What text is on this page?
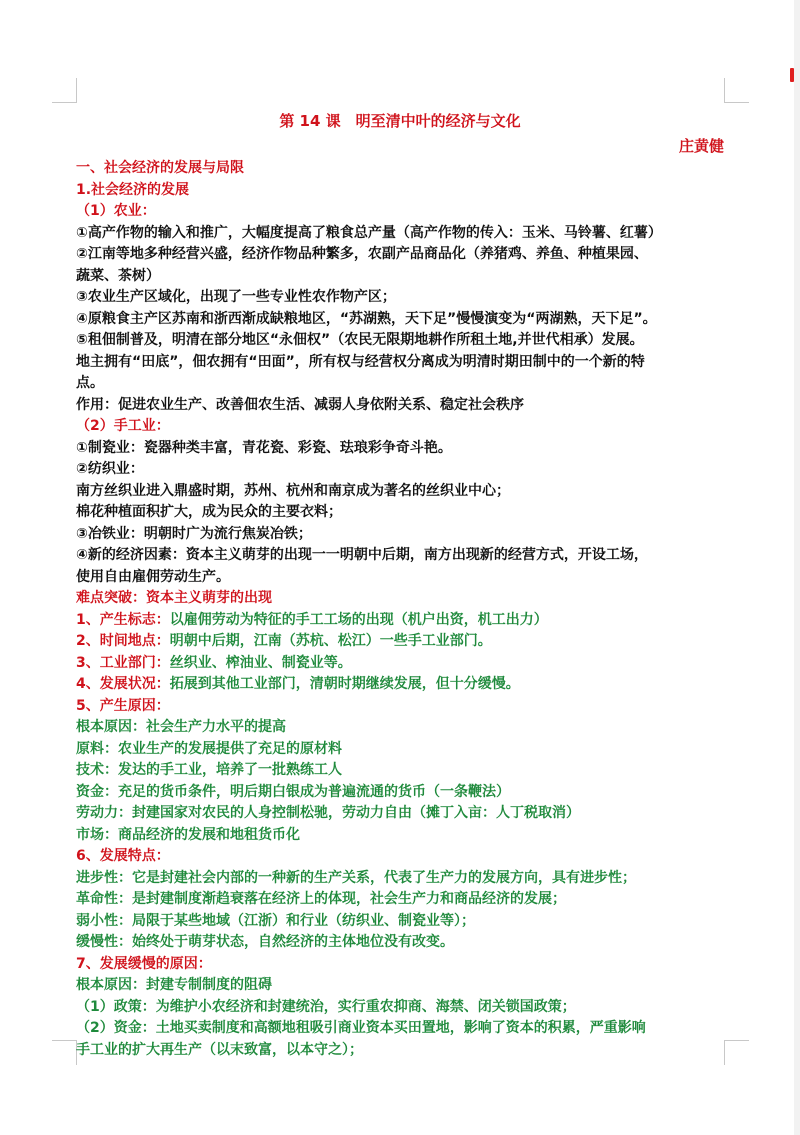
第 14 课　明至清中叶的经济与文化
庄黄健
一、社会经济的发展与局限
1.社会经济的发展
（1）农业：
①高产作物的输入和推广，大幅度提高了粮食总产量（高产作物的传入：玉米、马铃薯、红薯）
②江南等地多种经营兴盛，经济作物品种繁多，农副产品商品化（养猪鸡、养鱼、种植果园、
蔬菜、茶树）
③农业生产区域化，出现了一些专业性农作物产区；
④原粮食主产区苏南和浙西渐成缺粮地区，“苏湖熟，天下足”慢慢演变为“两湖熟，天下足”。
⑤租佃制普及，明清在部分地区“永佃权”（农民无限期地耕作所租土地,并世代相承）发展。
地主拥有“田底”，佃农拥有“田面”，所有权与经营权分离成为明清时期田制中的一个新的特
点。
作用：促进农业生产、改善佃农生活、减弱人身依附关系、稳定社会秩序
（2）手工业：
①制瓷业：瓷器种类丰富，青花瓷、彩瓷、珐琅彩争奇斗艳。
②纺织业：
南方丝织业进入鼎盛时期，苏州、杭州和南京成为著名的丝织业中心；
棉花种植面积扩大，成为民众的主要衣料；
③冶铁业：明朝时广为流行焦炭冶铁；
④新的经济因素：资本主义萌芽的出现一一明朝中后期，南方出现新的经营方式，开设工场，
使用自由雇佣劳动生产。
难点突破：资本主义萌芽的出现
1、产生标志：以雇佣劳动为特征的手工工场的出现（机户出资，机工出力）
2、时间地点：明朝中后期，江南（苏杭、松江）一些手工业部门。
3、工业部门：丝织业、榨油业、制瓷业等。
4、发展状况：拓展到其他工业部门，清朝时期继续发展，但十分缓慢。
5、产生原因：
根本原因：社会生产力水平的提高
原料：农业生产的发展提供了充足的原材料
技术：发达的手工业，培养了一批熟练工人
资金：充足的货币条件，明后期白银成为普遍流通的货币（一条鞭法）
劳动力：封建国家对农民的人身控制松驰，劳动力自由（摊丁入亩：人丁税取消）
市场：商品经济的发展和地租货币化
6、发展特点：
进步性：它是封建社会内部的一种新的生产关系，代表了生产力的发展方向，具有进步性；
革命性：是封建制度渐趋衰落在经济上的体现，社会生产力和商品经济的发展；
弱小性：局限于某些地域（江浙）和行业（纺织业、制瓷业等）；
缓慢性：始终处于萌芽状态，自然经济的主体地位没有改变。
7、发展缓慢的原因：
根本原因：封建专制制度的阻碍
（1）政策：为维护小农经济和封建统治，实行重农抑商、海禁、闭关锁国政策；
（2）资金：土地买卖制度和高额地租吸引商业资本买田置地，影响了资本的积累，严重影响
手工业的扩大再生产（以末致富，以本守之）；
